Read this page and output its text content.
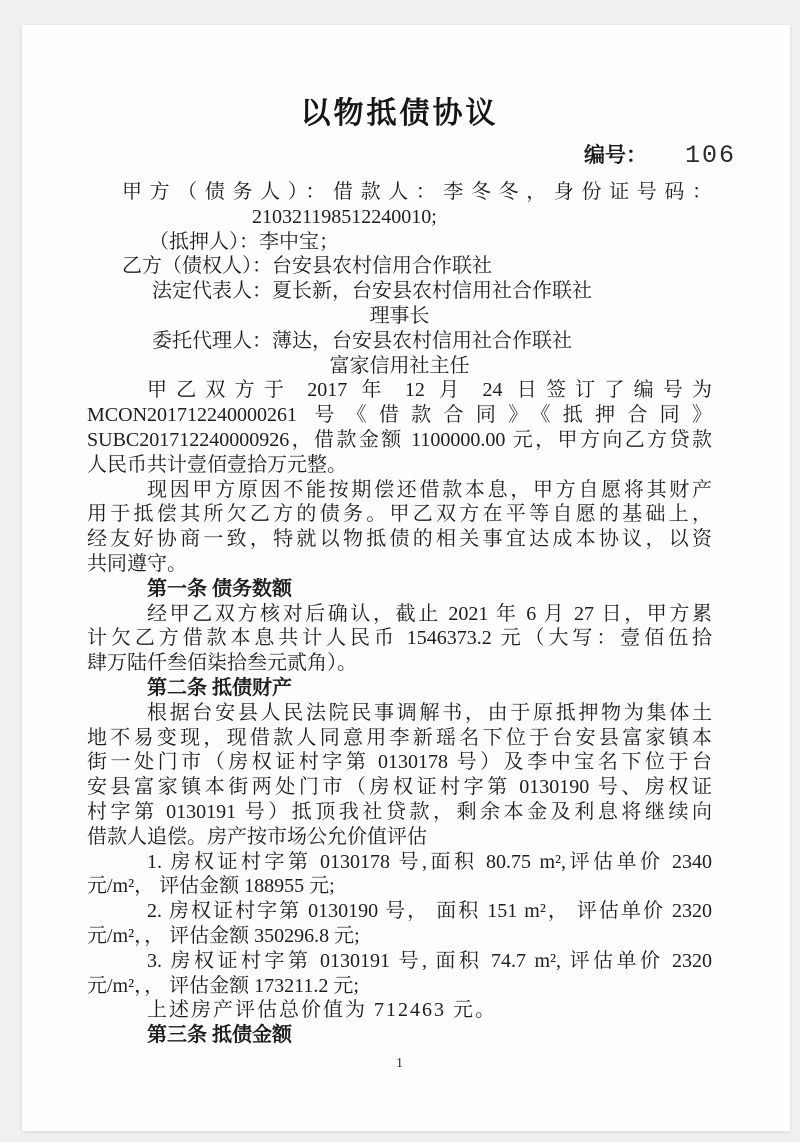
以物抵债协议
编号： 106
甲方（债务人）：借款人：李冬冬，身份证号码：
210321198512240010;
（抵押人）：李中宝；
乙方（债权人）：台安县农村信用合作联社
法定代表人：夏长新，台安县农村信用社合作联社
理事长
委托代理人：薄达，台安县农村信用社合作联社
富家信用社主任
甲乙双方于 2017 年 12 月 24 日签订了编号为
MCON201712240000261 号《借款合同》《抵押合同》
SUBC201712240000926，借款金额 1100000.00 元，甲方向乙方贷款
人民币共计壹佰壹拾万元整。
现因甲方原因不能按期偿还借款本息，甲方自愿将其财产
用于抵偿其所欠乙方的债务。甲乙双方在平等自愿的基础上，
经友好协商一致，特就以物抵债的相关事宜达成本协议，以资
共同遵守。
第一条 债务数额
经甲乙双方核对后确认，截止 2021 年 6 月 27 日，甲方累
计欠乙方借款本息共计人民币 1546373.2 元（大写：壹佰伍拾
肆万陆仟叁佰柒拾叁元贰角）。
第二条 抵债财产
根据台安县人民法院民事调解书，由于原抵押物为集体土
地不易变现，现借款人同意用李新瑶名下位于台安县富家镇本
街一处门市（房权证村字第 0130178 号）及李中宝名下位于台
安县富家镇本街两处门市（房权证村字第 0130190 号、房权证
村字第 0130191 号）抵顶我社贷款，剩余本金及利息将继续向
借款人追偿。房产按市场公允价值评估
1. 房权证村字第 0130178 号,面积 80.75 m²,评估单价 2340
元/m²， 评估金额 188955 元;
2. 房权证村字第 0130190 号， 面积 151 m²， 评估单价 2320
元/m²，， 评估金额 350296.8 元;
3. 房权证村字第 0130191 号, 面积 74.7 m², 评估单价 2320
元/m²，， 评估金额 173211.2 元;
上述房产评估总价值为 712463 元。
第三条 抵债金额
1
